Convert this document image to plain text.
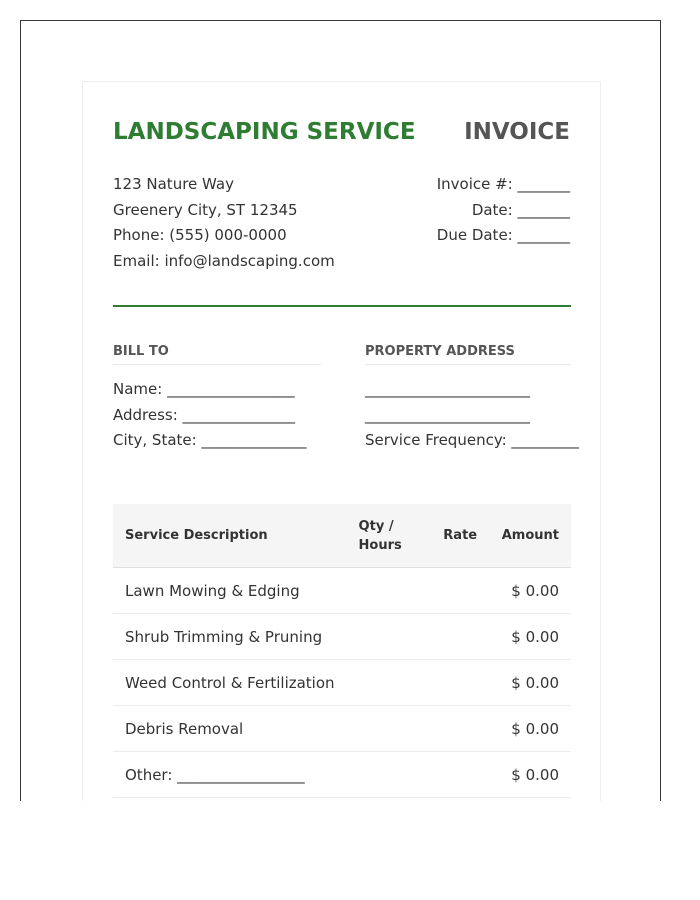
LANDSCAPING SERVICE INVOICE
123 Nature Way
Greenery City, ST 12345
Phone: (555) 000-0000
Email: info@landscaping.com
Invoice #: _______
Date: _______
Due Date: _______
BILL TO
Name: _________________
Address: _______________
City, State: ______________
PROPERTY ADDRESS
______________________
______________________
Service Frequency: _________
Service Description	Qty / Hours	Rate	Amount
Lawn Mowing & Edging			$ 0.00
Shrub Trimming & Pruning			$ 0.00
Weed Control & Fertilization			$ 0.00
Debris Removal			$ 0.00
Other: _________________			$ 0.00
